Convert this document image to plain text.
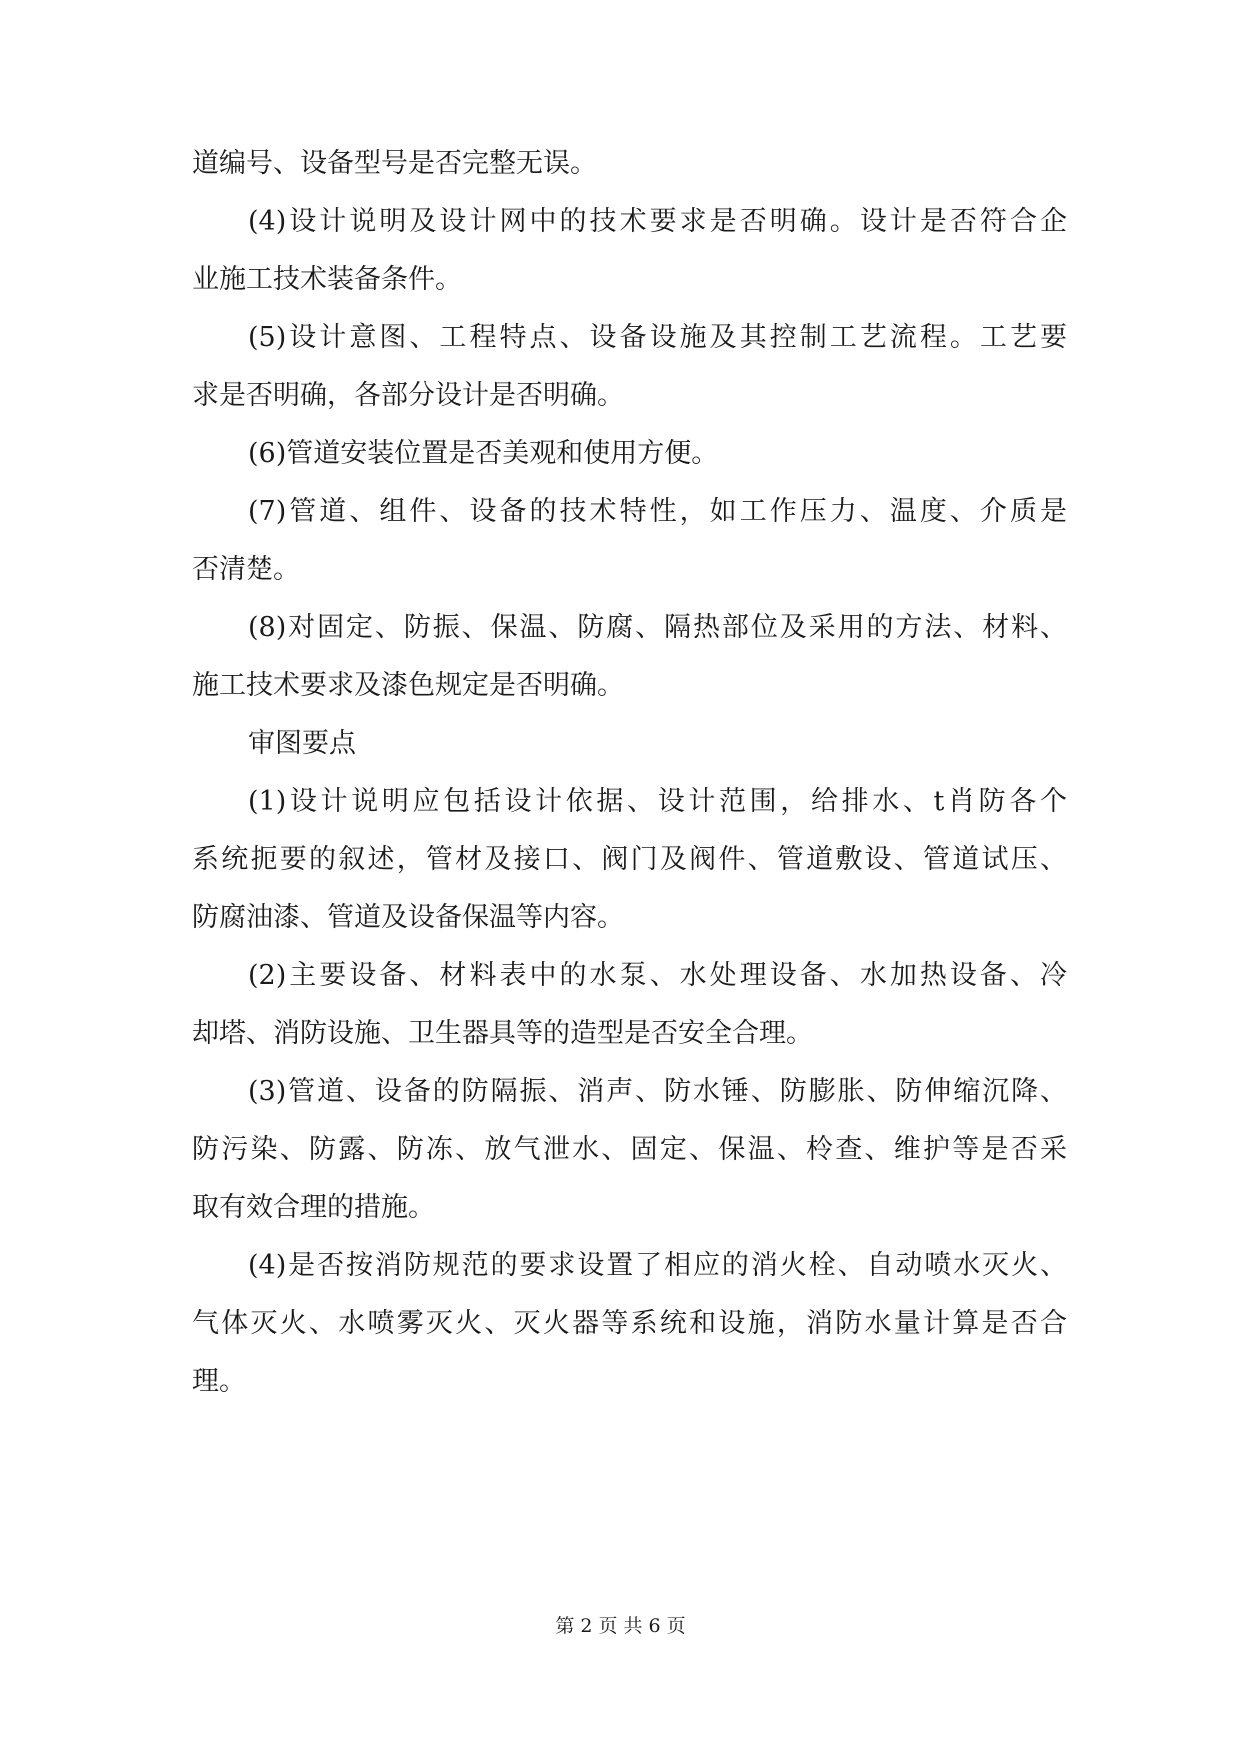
道编号、设备型号是否完整无误。
(4)设计说明及设计网中的技术要求是否明确。设计是否符合企
业施工技术装备条件。
(5)设计意图、工程特点、设备设施及其控制工艺流程。工艺要
求是否明确，各部分设计是否明确。
(6)管道安装位置是否美观和使用方便。
(7)管道、组件、设备的技术特性，如工作压力、温度、介质是
否清楚。
(8)对固定、防振、保温、防腐、隔热部位及采用的方法、材料、
施工技术要求及漆色规定是否明确。
审图要点
(1)设计说明应包括设计依据、设计范围，给排水、t肖防各个
系统扼要的叙述，管材及接口、阀门及阀件、管道敷设、管道试压、
防腐油漆、管道及设备保温等内容。
(2)主要设备、材料表中的水泵、水处理设备、水加热设备、冷
却塔、消防设施、卫生器具等的造型是否安全合理。
(3)管道、设备的防隔振、消声、防水锤、防膨胀、防伸缩沉降、
防污染、防露、防冻、放气泄水、固定、保温、柃查、维护等是否采
取有效合理的措施。
(4)是否按消防规范的要求设置了相应的消火栓、自动喷水灭火、
气体灭火、水喷雾灭火、灭火器等系统和设施，消防水量计算是否合
理。
第 2 页 共 6 页
